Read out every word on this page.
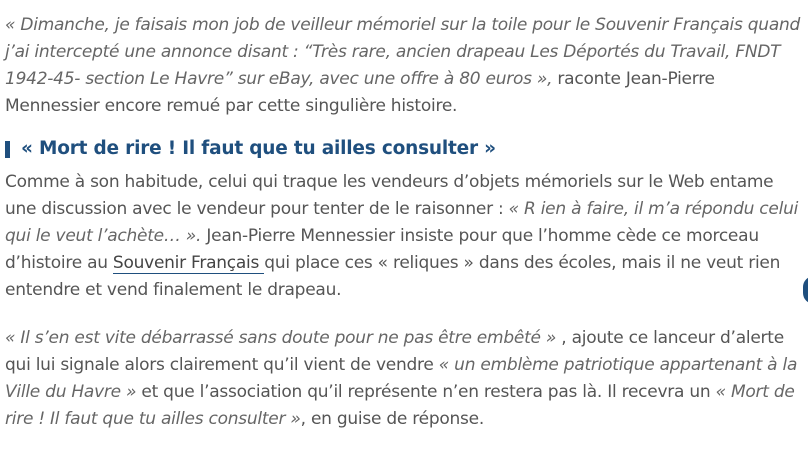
« Dimanche, je faisais mon job de veilleur mémoriel sur la toile pour le Souvenir Français quand j’ai intercepté une annonce disant : “Très rare, ancien drapeau Les Déportés du Travail, FNDT 1942-45- section Le Havre” sur eBay, avec une offre à 80 euros », raconte Jean-Pierre Mennessier encore remué par cette singulière histoire.

« Mort de rire ! Il faut que tu ailles consulter »

Comme à son habitude, celui qui traque les vendeurs d’objets mémoriels sur le Web entame une discussion avec le vendeur pour tenter de le raisonner : « R ien à faire, il m’a répondu celui qui le veut l’achète… ». Jean-Pierre Mennessier insiste pour que l’homme cède ce morceau d’histoire au Souvenir Français qui place ces « reliques » dans des écoles, mais il ne veut rien entendre et vend finalement le drapeau.

« Il s’en est vite débarrassé sans doute pour ne pas être embêté » , ajoute ce lanceur d’alerte qui lui signale alors clairement qu’il vient de vendre « un emblème patriotique appartenant à la Ville du Havre » et que l’association qu’il représente n’en restera pas là. Il recevra un « Mort de rire ! Il faut que tu ailles consulter », en guise de réponse.
